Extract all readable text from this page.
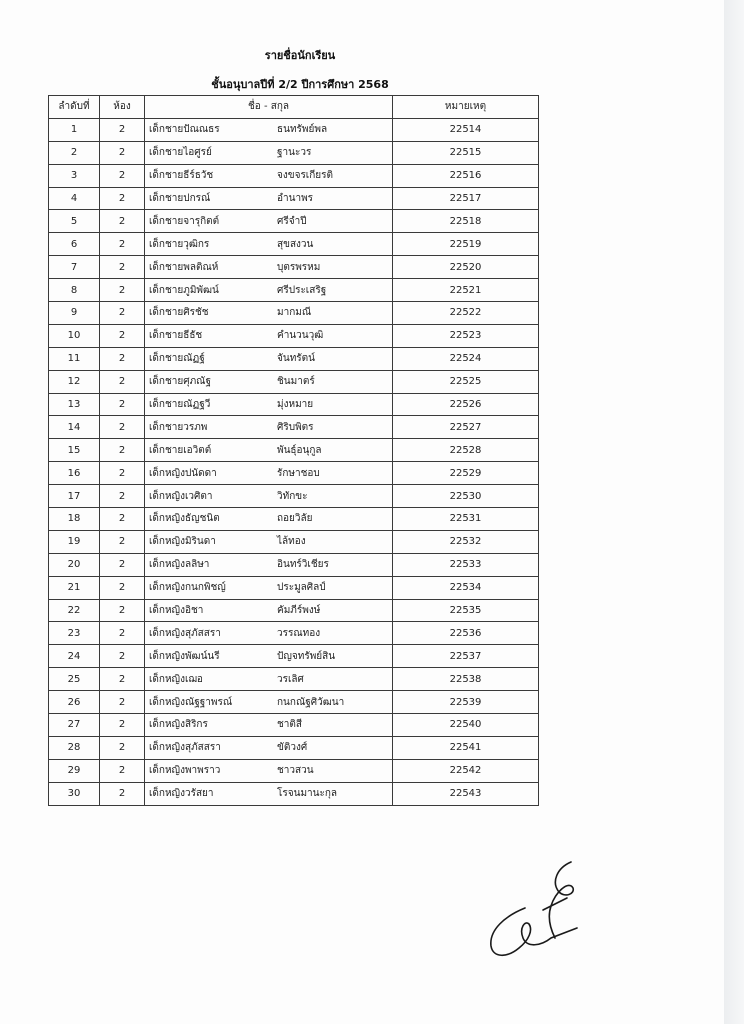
รายชื่อนักเรียน
ชั้นอนุบาลปีที่ 2/2 ปีการศึกษา 2568
ลำดับที่	ห้อง	ชื่อ - สกุล	หมายเหตุ
1	2	เด็กชายปัณณธร ธนทรัพย์พล	22514
2	2	เด็กชายไอศูรย์ ฐานะวร	22515
3	2	เด็กชายธีร์ธวัช จงขจรเกียรติ	22516
4	2	เด็กชายปกรณ์ อำนาพร	22517
5	2	เด็กชายจารุกิตต์ ศรีจำปี	22518
6	2	เด็กชายวุฒิกร สุขสงวน	22519
7	2	เด็กชายพลติณห์ บุตรพรหม	22520
8	2	เด็กชายภูมิพัฒน์ ศรีประเสริฐ	22521
9	2	เด็กชายศิรชัช มากมณี	22522
10	2	เด็กชายธีธัช คำนวนวุฒิ	22523
11	2	เด็กชายณัฏฐ์ จันทรัตน์	22524
12	2	เด็กชายศุภณัฐ ชินมาตร์	22525
13	2	เด็กชายณัฏฐวี มุ่งหมาย	22526
14	2	เด็กชายวรภพ ศิริบพิตร	22527
15	2	เด็กชายเอวิตต์ พันธุ์อนุกูล	22528
16	2	เด็กหญิงปนัดดา รักษาชอบ	22529
17	2	เด็กหญิงเวศิตา วิทักขะ	22530
18	2	เด็กหญิงธัญชนิต ถอยวิลัย	22531
19	2	เด็กหญิงมิรินดา ไล้ทอง	22532
20	2	เด็กหญิงลลิษา อินทร์วิเชียร	22533
21	2	เด็กหญิงกนกพิชญ์ ประมูลศิลป์	22534
22	2	เด็กหญิงอิชา คัมภีร์พงษ์	22535
23	2	เด็กหญิงสุภัสสรา วรรณทอง	22536
24	2	เด็กหญิงพัฒน์นรี ปัญจทรัพย์สิน	22537
25	2	เด็กหญิงเฌอ วรเลิศ	22538
26	2	เด็กหญิงณัฐฐาพรณ์ กนกณัฐศิวัฒนา	22539
27	2	เด็กหญิงสิริกร ชาติสี	22540
28	2	เด็กหญิงสุภัสสรา ขัติวงศ์	22541
29	2	เด็กหญิงพาพราว ชาวสวน	22542
30	2	เด็กหญิงวรัสยา โรจนมานะกุล	22543
